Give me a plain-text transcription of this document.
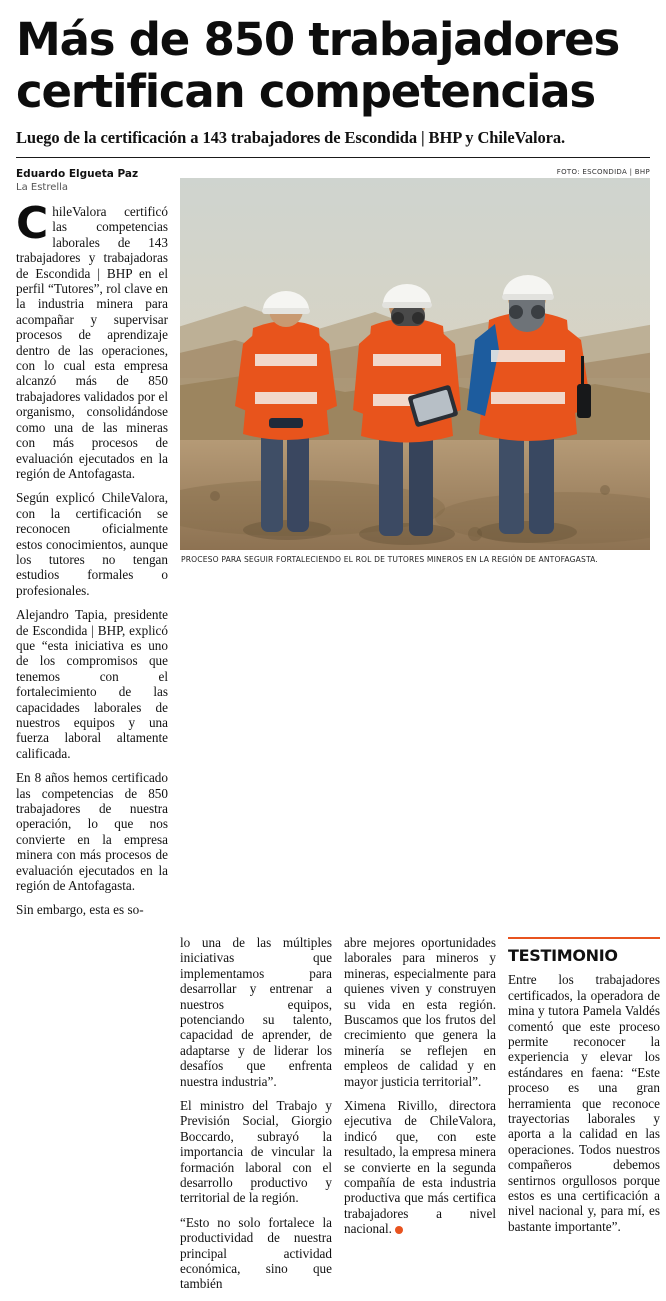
Más de 850 trabajadores
certifican competencias
Luego de la certificación a 143 trabajadores de Escondida | BHP y ChileValora.
Eduardo Elgueta Paz
La Estrella

ChileValora certificó las competencias laborales de 143 trabajadores y trabajadoras de Escondida | BHP en el perfil “Tutores”, rol clave en la industria minera para acompañar y supervisar procesos de aprendizaje dentro de las operaciones, con lo cual esta empresa alcanzó más de 850 trabajadores validados por el organismo, consolidándose como una de las mineras con más procesos de evaluación ejecutados en la región de Antofagasta.

Según explicó ChileValora, con la certificación se reconocen oficialmente estos conocimientos, aunque los tutores no tengan estudios formales o profesionales.

Alejandro Tapia, presidente de Escondida | BHP, explicó que “esta iniciativa es uno de los compromisos que tenemos con el fortalecimiento de las capacidades laborales de nuestros equipos y una fuerza laboral altamente calificada.

En 8 años hemos certificado las competencias de 850 trabajadores de nuestra operación, lo que nos convierte en la empresa minera con más procesos de evaluación ejecutados en la región de Antofagasta.

Sin embargo, esta es so-

FOTO: ESCONDIDA | BHP
PROCESO PARA SEGUIR FORTALECIENDO EL ROL DE TUTORES MINEROS EN LA REGIÓN DE ANTOFAGASTA.

lo una de las múltiples iniciativas que implementamos para desarrollar y entrenar a nuestros equipos, potenciando su talento, capacidad de aprender, de adaptarse y de liderar los desafíos que enfrenta nuestra industria”.

El ministro del Trabajo y Previsión Social, Giorgio Boccardo, subrayó la importancia de vincular la formación laboral con el desarrollo productivo y territorial de la región.

“Esto no solo fortalece la productividad de nuestra principal actividad económica, sino que también

abre mejores oportunidades laborales para mineros y mineras, especialmente para quienes viven y construyen su vida en esta región. Buscamos que los frutos del crecimiento que genera la minería se reflejen en empleos de calidad y en mayor justicia territorial”.

Ximena Rivillo, directora ejecutiva de ChileValora, indicó que, con este resultado, la empresa minera se convierte en la segunda compañía de esta industria productiva que más certifica trabajadores a nivel nacional.

TESTIMONIO
Entre los trabajadores certificados, la operadora de mina y tutora Pamela Valdés comentó que este proceso permite reconocer la experiencia y elevar los estándares en faena: “Este proceso es una gran herramienta que reconoce trayectorias laborales y aporta a la calidad en las operaciones. Todos nuestros compañeros debemos sentirnos orgullosos porque estos es una certificación a nivel nacional y, para mí, es bastante importante”.
